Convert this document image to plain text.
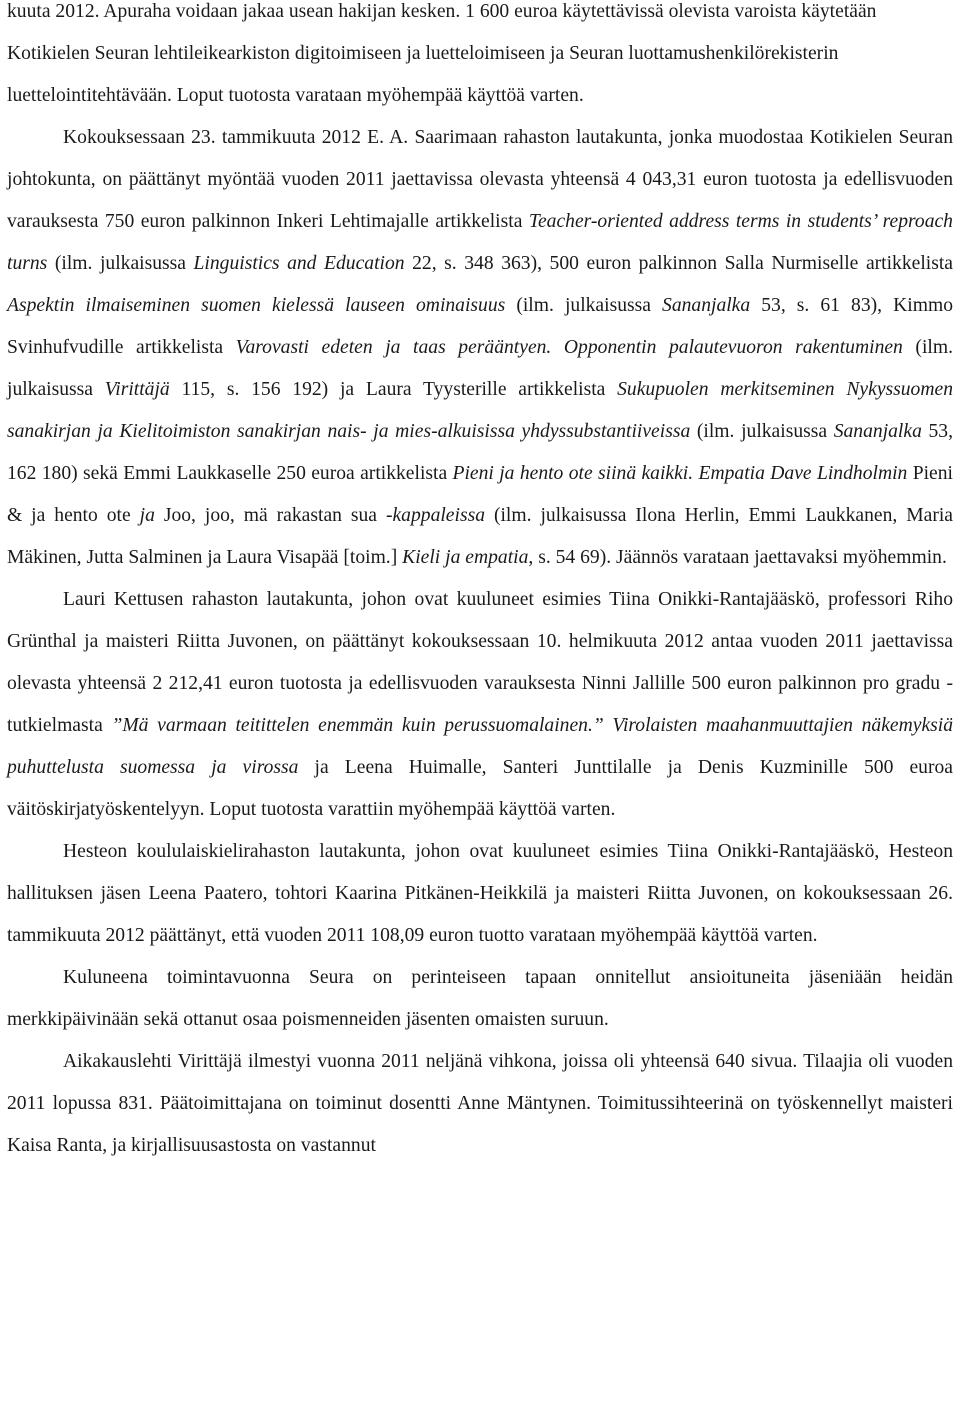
kuuta 2012. Apuraha voidaan jakaa usean hakijan kesken. 1 600 euroa käytettävissä olevista varoista käytetään Kotikielen Seuran lehtileikearkiston digitoimiseen ja luetteloimiseen ja Seuran luottamushenkilörekisterin luettelointitehtävään. Loput tuotosta varataan myöhempää käyttöä varten.

Kokouksessaan 23. tammikuuta 2012 E. A. Saarimaan rahaston lautakunta, jonka muodostaa Kotikielen Seuran johtokunta, on päättänyt myöntää vuoden 2011 jaettavissa olevasta yhteensä 4 043,31 euron tuotosta ja edellisvuoden varauksesta 750 euron palkinnon Inkeri Lehtimajalle artikkelista Teacher-oriented address terms in students’ reproach turns (ilm. julkaisussa Linguistics and Education 22, s. 348 363), 500 euron palkinnon Salla Nurmiselle artikkelista Aspektin ilmaiseminen suomen kielessä lauseen ominaisuus (ilm. julkaisussa Sananjalka 53, s. 61 83), Kimmo Svinhufvudille artikkelista Varovasti edeten ja taas perääntyen. Opponentin palautevuoron rakentuminen (ilm. julkaisussa Virittäjä 115, s. 156 192) ja Laura Tyysterille artikkelista Sukupuolen merkitseminen Nykyssuomen sanakirjan ja Kielitoimiston sanakirjan nais- ja mies-alkuisissa yhdyssubstantiiveissa (ilm. julkaisussa Sananjalka 53, 162 180) sekä Emmi Laukkaselle 250 euroa artikkelista Pieni ja hento ote siinä kaikki. Empatia Dave Lindholmin Pieni & ja hento ote ja Joo, joo, mä rakastan sua -kappaleissa (ilm. julkaisussa Ilona Herlin, Emmi Laukkanen, Maria Mäkinen, Jutta Salminen ja Laura Visapää [toim.] Kieli ja empatia, s. 54 69). Jäännös varataan jaettavaksi myöhemmin.

Lauri Kettusen rahaston lautakunta, johon ovat kuuluneet esimies Tiina Onikki-Rantajääskö, professori Riho Grünthal ja maisteri Riitta Juvonen, on päättänyt kokouksessaan 10. helmikuuta 2012 antaa vuoden 2011 jaettavissa olevasta yhteensä 2 212,41 euron tuotosta ja edellisvuoden varauksesta Ninni Jallille 500 euron palkinnon pro gradu -tutkielmasta ”Mä varmaan teitittelen enemmän kuin perussuomalainen.” Virolaisten maahanmuuttajien näkemyksiä puhuttelusta suomessa ja virossa ja Leena Huimalle, Santeri Junttilalle ja Denis Kuzminille 500 euroa väitöskirjatyöskentelyyn. Loput tuotosta varattiin myöhempää käyttöä varten.

Hesteon koululaiskielirahaston lautakunta, johon ovat kuuluneet esimies Tiina Onikki-Rantajääskö, Hesteon hallituksen jäsen Leena Paatero, tohtori Kaarina Pitkänen-Heikkilä ja maisteri Riitta Juvonen, on kokouksessaan 26. tammikuuta 2012 päättänyt, että vuoden 2011 108,09 euron tuotto varataan myöhempää käyttöä varten.

Kuluneena toimintavuonna Seura on perinteiseen tapaan onnitellut ansioituneita jäseniään heidän merkkipäivinään sekä ottanut osaa poismenneiden jäsenten omaisten suruun.

Aikakauslehti Virittäjä ilmestyi vuonna 2011 neljänä vihkona, joissa oli yhteensä 640 sivua. Tilaajia oli vuoden 2011 lopussa 831. Päätoimittajana on toiminut dosentti Anne Mäntynen. Toimitussihteerinä on työskennellyt maisteri Kaisa Ranta, ja kirjallisuusastosta on vastannut
